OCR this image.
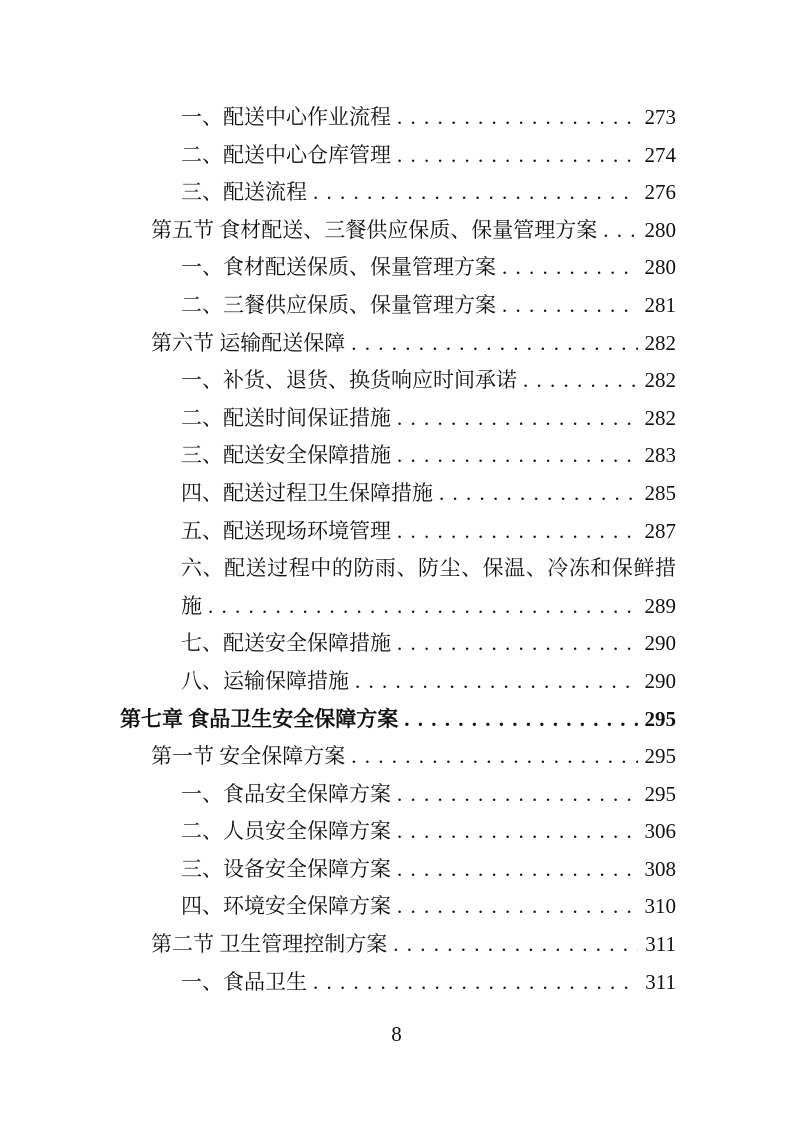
一、配送中心作业流程 . . .	273
二、配送中心仓库管理 . . .	274
三、配送流程 . . .	276
第五节 食材配送、三餐供应保质、保量管理方案 . . . 280
一、食材配送保质、保量管理方案 . . .	280
二、三餐供应保质、保量管理方案 . . .	281
第六节 运输配送保障 . . .	282
一、补货、退货、换货响应时间承诺 . . .	282
二、配送时间保证措施 . . .	282
三、配送安全保障措施 . . .	283
四、配送过程卫生保障措施 . . .	285
五、配送现场环境管理 . . .	287
六、配送过程中的防雨、防尘、保温、冷冻和保鲜措
施 . . .	289
七、配送安全保障措施 . . .	290
八、运输保障措施 . . .	290
第七章 食品卫生安全保障方案 . . .	295
第一节 安全保障方案 . . .	295
一、食品安全保障方案 . . .	295
二、人员安全保障方案 . . .	306
三、设备安全保障方案 . . .	308
四、环境安全保障方案 . . .	310
第二节 卫生管理控制方案 . . .	311
一、食品卫生 . . .	311
8
